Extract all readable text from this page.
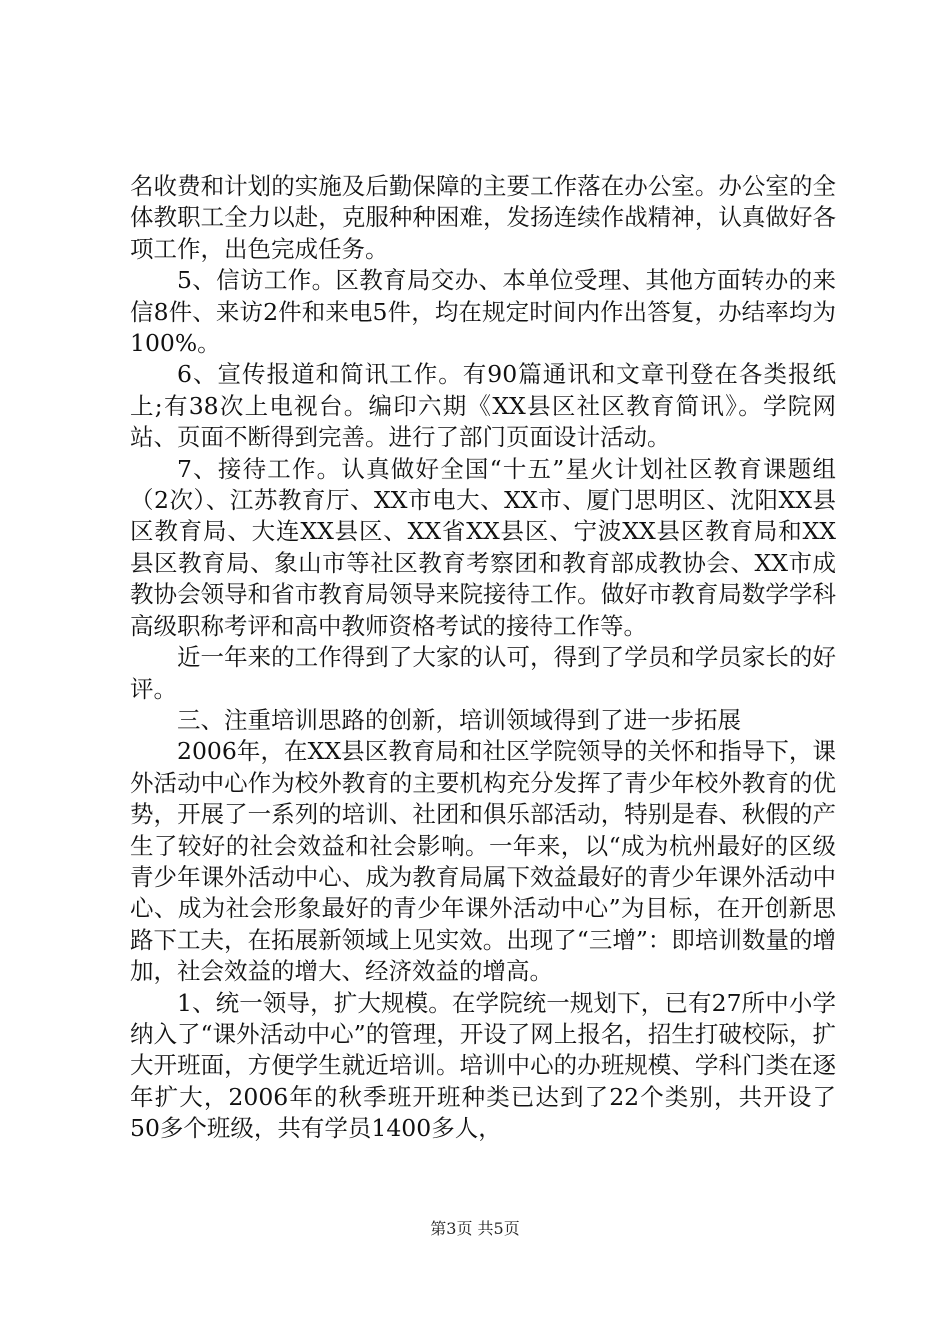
名收费和计划的实施及后勤保障的主要工作落在办公室。办公室的全体教职工全力以赴，克服种种困难，发扬连续作战精神，认真做好各项工作，出色完成任务。

5、信访工作。区教育局交办、本单位受理、其他方面转办的来信8件、来访2件和来电5件，均在规定时间内作出答复，办结率均为100%。

6、宣传报道和简讯工作。有90篇通讯和文章刊登在各类报纸上;有38次上电视台。编印六期《XX县区社区教育简讯》。学院网站、页面不断得到完善。进行了部门页面设计活动。

7、接待工作。认真做好全国“十五”星火计划社区教育课题组（2次）、江苏教育厅、XX市电大、XX市、厦门思明区、沈阳XX县区教育局、大连XX县区、XX省XX县区、宁波XX县区教育局和XX县区教育局、象山市等社区教育考察团和教育部成教协会、XX市成教协会领导和省市教育局领导来院接待工作。做好市教育局数学学科高级职称考评和高中教师资格考试的接待工作等。

近一年来的工作得到了大家的认可，得到了学员和学员家长的好评。

三、注重培训思路的创新，培训领域得到了进一步拓展

2006年，在XX县区教育局和社区学院领导的关怀和指导下，课外活动中心作为校外教育的主要机构充分发挥了青少年校外教育的优势，开展了一系列的培训、社团和俱乐部活动，特别是春、秋假的产生了较好的社会效益和社会影响。一年来，以“成为杭州最好的区级青少年课外活动中心、成为教育局属下效益最好的青少年课外活动中心、成为社会形象最好的青少年课外活动中心”为目标，在开创新思路下工夫，在拓展新领域上见实效。出现了“三增”：即培训数量的增加，社会效益的增大、经济效益的增高。

1、统一领导，扩大规模。在学院统一规划下，已有27所中小学纳入了“课外活动中心”的管理，开设了网上报名，招生打破校际，扩大开班面，方便学生就近培训。培训中心的办班规模、学科门类在逐年扩大，2006年的秋季班开班种类已达到了22个类别，共开设了50多个班级，共有学员1400多人，

第3页 共5页
